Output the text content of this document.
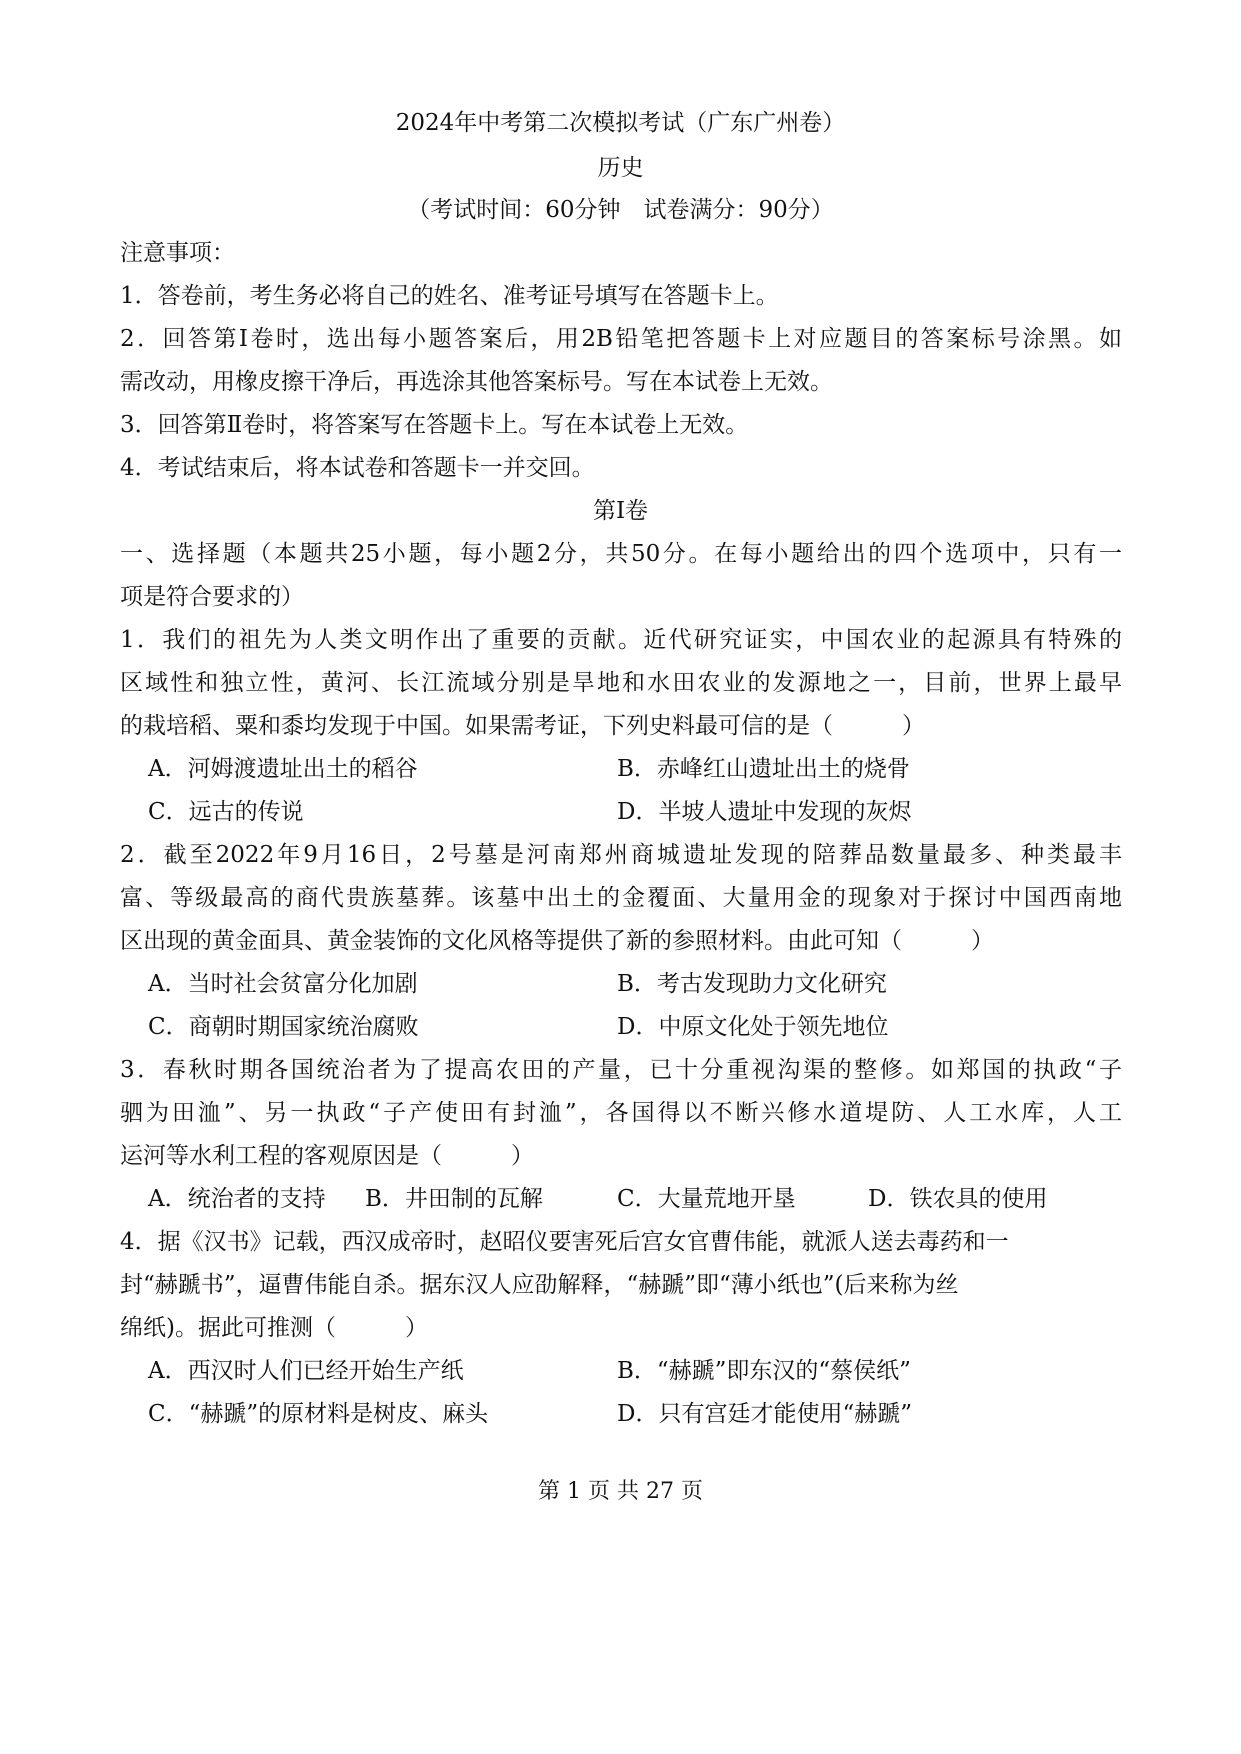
2024年中考第二次模拟考试（广东广州卷）
历史
（考试时间：60分钟　试卷满分：90分）
注意事项：
1．答卷前，考生务必将自己的姓名、准考证号填写在答题卡上。
2．回答第Ⅰ卷时，选出每小题答案后，用2B铅笔把答题卡上对应题目的答案标号涂黑。如
需改动，用橡皮擦干净后，再选涂其他答案标号。写在本试卷上无效。
3．回答第Ⅱ卷时，将答案写在答题卡上。写在本试卷上无效。
4．考试结束后，将本试卷和答题卡一并交回。
第Ⅰ卷
一、选择题（本题共25小题，每小题2分，共50分。在每小题给出的四个选项中，只有一
项是符合要求的）
1．我们的祖先为人类文明作出了重要的贡献。近代研究证实，中国农业的起源具有特殊的
区域性和独立性，黄河、长江流域分别是旱地和水田农业的发源地之一，目前，世界上最早
的栽培稻、粟和黍均发现于中国。如果需考证，下列史料最可信的是（　　　）
A．河姆渡遗址出土的稻谷	B．赤峰红山遗址出土的烧骨
C．远古的传说	D．半坡人遗址中发现的灰烬
2．截至2022年9月16日，2号墓是河南郑州商城遗址发现的陪葬品数量最多、种类最丰
富、等级最高的商代贵族墓葬。该墓中出土的金覆面、大量用金的现象对于探讨中国西南地
区出现的黄金面具、黄金装饰的文化风格等提供了新的参照材料。由此可知（　　　）
A．当时社会贫富分化加剧	B．考古发现助力文化研究
C．商朝时期国家统治腐败	D．中原文化处于领先地位
3．春秋时期各国统治者为了提高农田的产量，已十分重视沟渠的整修。如郑国的执政“子
驷为田洫”、另一执政“子产使田有封洫”，各国得以不断兴修水道堤防、人工水库，人工
运河等水利工程的客观原因是（　　　）
A．统治者的支持 B．井田制的瓦解	C．大量荒地开垦	D．铁农具的使用
4．据《汉书》记载，西汉成帝时，赵昭仪要害死后宫女官曹伟能，就派人送去毒药和一
封“赫蹏书”，逼曹伟能自杀。据东汉人应劭解释，“赫蹏”即“薄小纸也”(后来称为丝
绵纸)。据此可推测（　　　）
A．西汉时人们已经开始生产纸	B．“赫蹏”即东汉的“蔡侯纸”
C．“赫蹏”的原材料是树皮、麻头	D．只有宫廷才能使用“赫蹏”
第 1 页 共 27 页
